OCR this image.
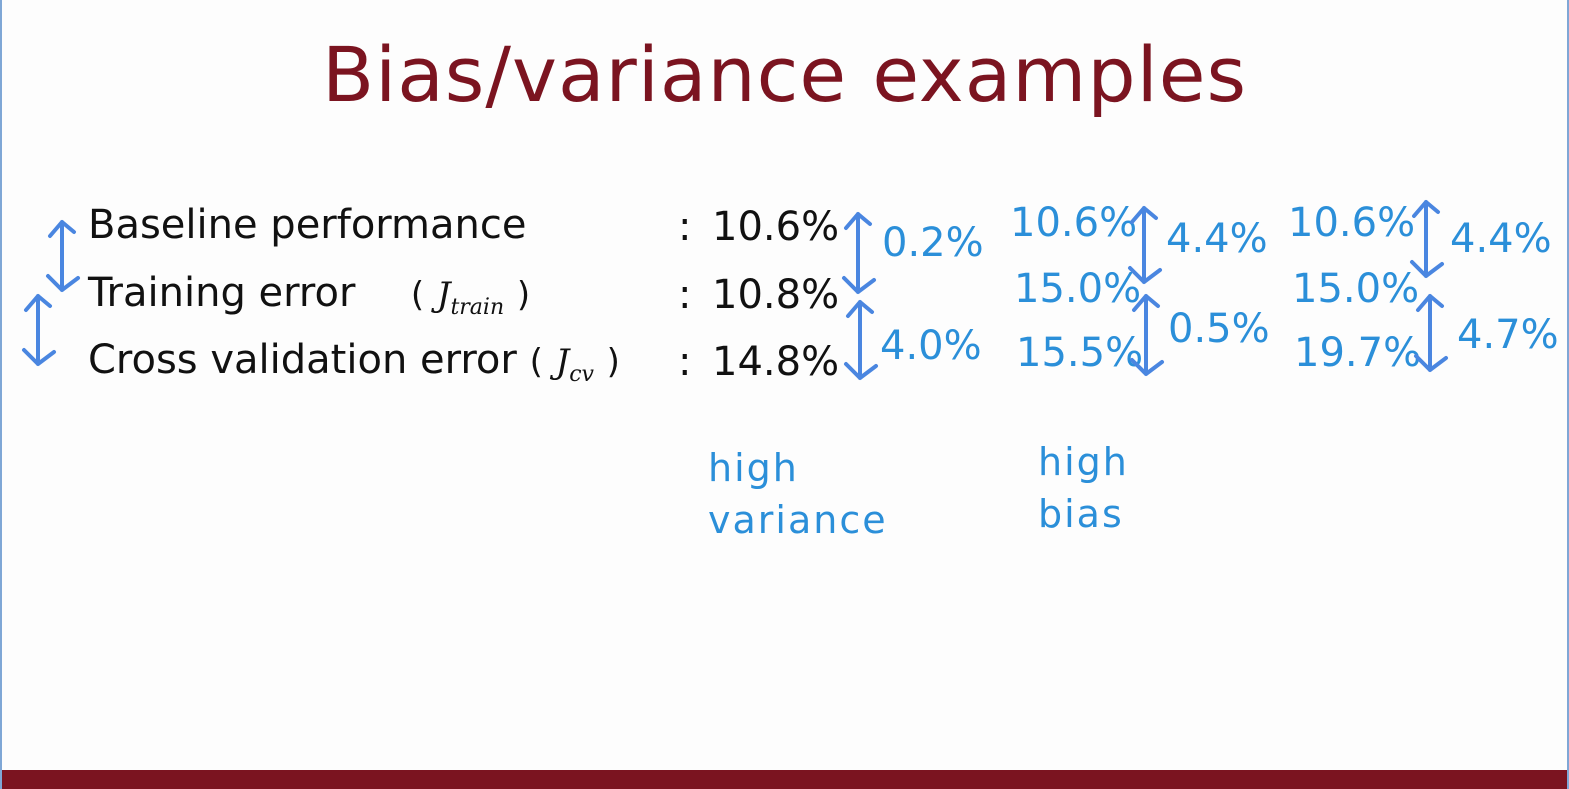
Bias/variance examples
Baseline performance
Training error ( $J_{train}$ )
Cross validation error ( $J_{cv}$ )
:
:
:
10.6%
10.8%
14.8%
0.2%
4.0%
10.6%
15.0%
15.5%
4.4%
0.5%
10.6%
15.0%
19.7%
4.4%
4.7%
high
variance
high
bias
